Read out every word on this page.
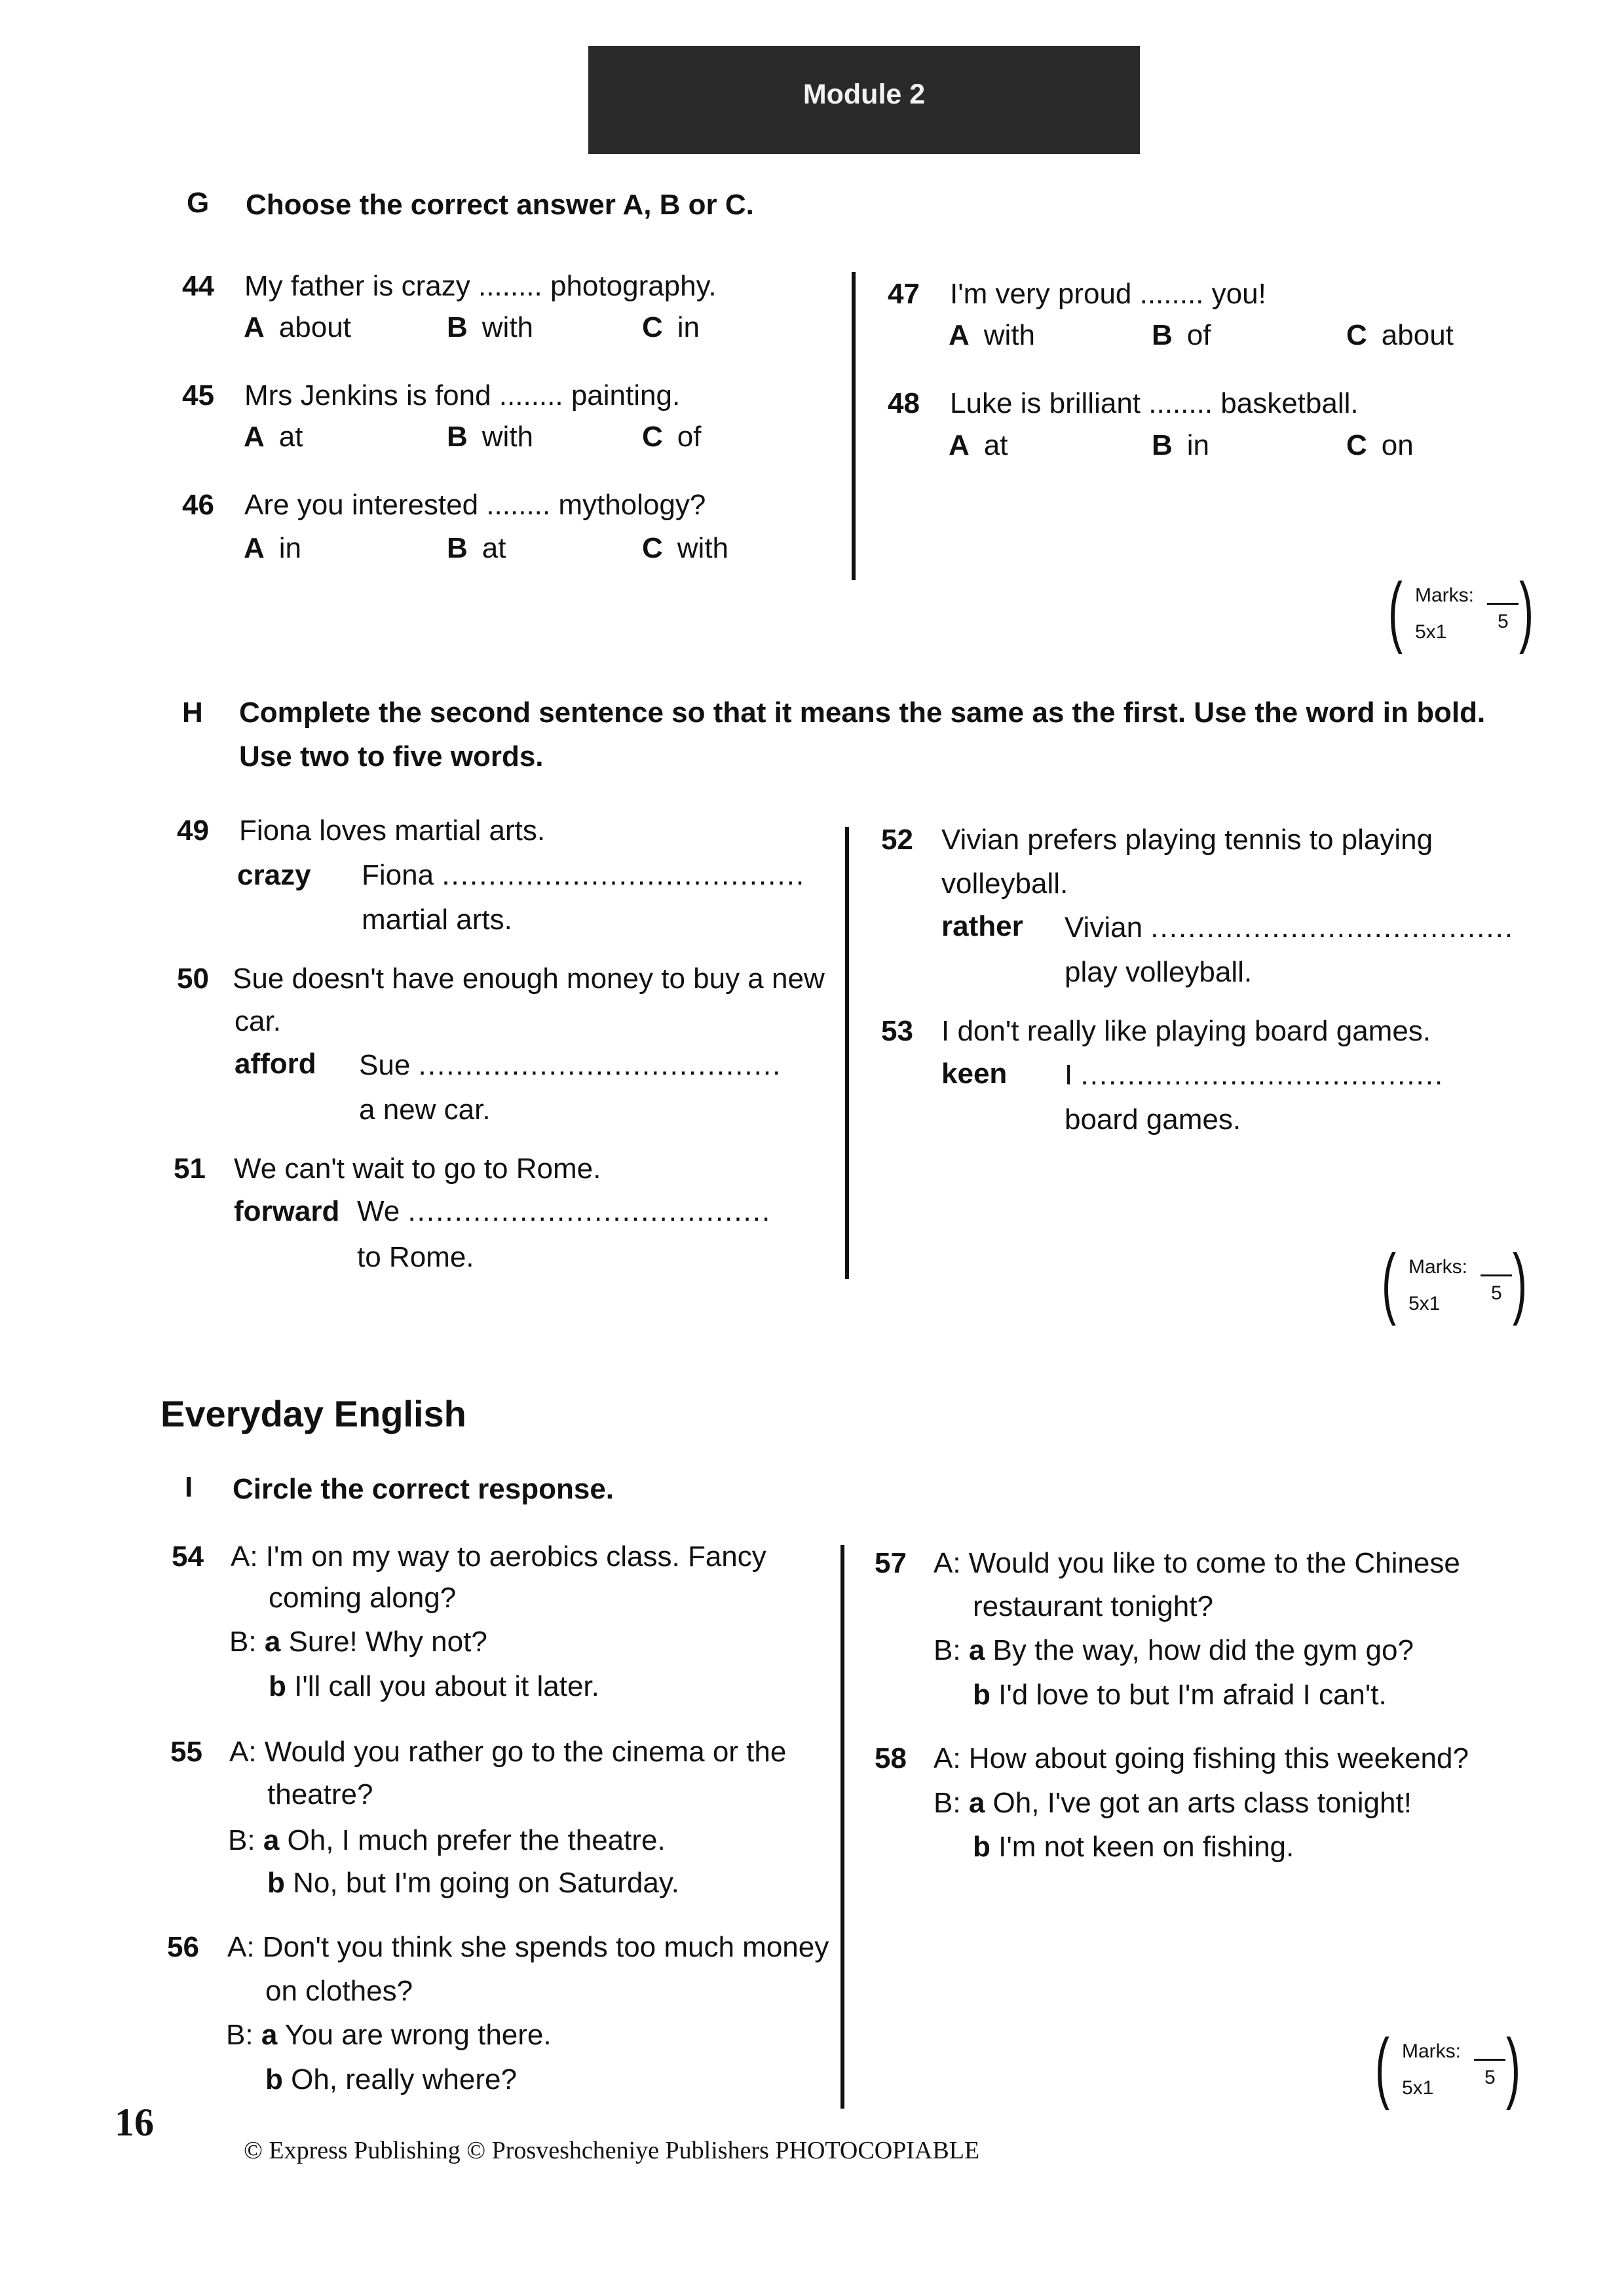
Module 2
G Choose the correct answer A, B or C.
44 My father is crazy ........ photography.
A about	B with	C in
45 Mrs Jenkins is fond ........ painting.
A at	B with	C of
46 Are you interested ........ mythology?
A in	B at	C with
47 I'm very proud ........ you!
A with	B of	C about
48 Luke is brilliant ........ basketball.
A at	B in	C on
( )
Marks:
5x1	5
H Complete the second sentence so that it means the same as the first. Use the word in bold.
Use two to five words.
49 Fiona loves martial arts.
crazy Fiona .......................................
martial arts.
50 Sue doesn't have enough money to buy a new
car.
afford Sue .......................................
a new car.
51 We can't wait to go to Rome.
forward We .......................................
to Rome.
52 Vivian prefers playing tennis to playing
volleyball.
rather Vivian .......................................
play volleyball.
53 I don't really like playing board games.
keen I .......................................
board games.
( )
Marks:
5x1	5
Everyday English
I Circle the correct response.
54 A: I'm on my way to aerobics class. Fancy
coming along?
B: a Sure! Why not?
b I'll call you about it later.
55 A: Would you rather go to the cinema or the
theatre?
B: a Oh, I much prefer the theatre.
b No, but I'm going on Saturday.
56 A: Don't you think she spends too much money
on clothes?
B: a You are wrong there.
b Oh, really where?
57 A: Would you like to come to the Chinese
restaurant tonight?
B: a By the way, how did the gym go?
b I'd love to but I'm afraid I can't.
58 A: How about going fishing this weekend?
B: a Oh, I've got an arts class tonight!
b I'm not keen on fishing.
( )
Marks:
5x1	5
16
© Express Publishing © Prosveshcheniye Publishers PHOTOCOPIABLE
